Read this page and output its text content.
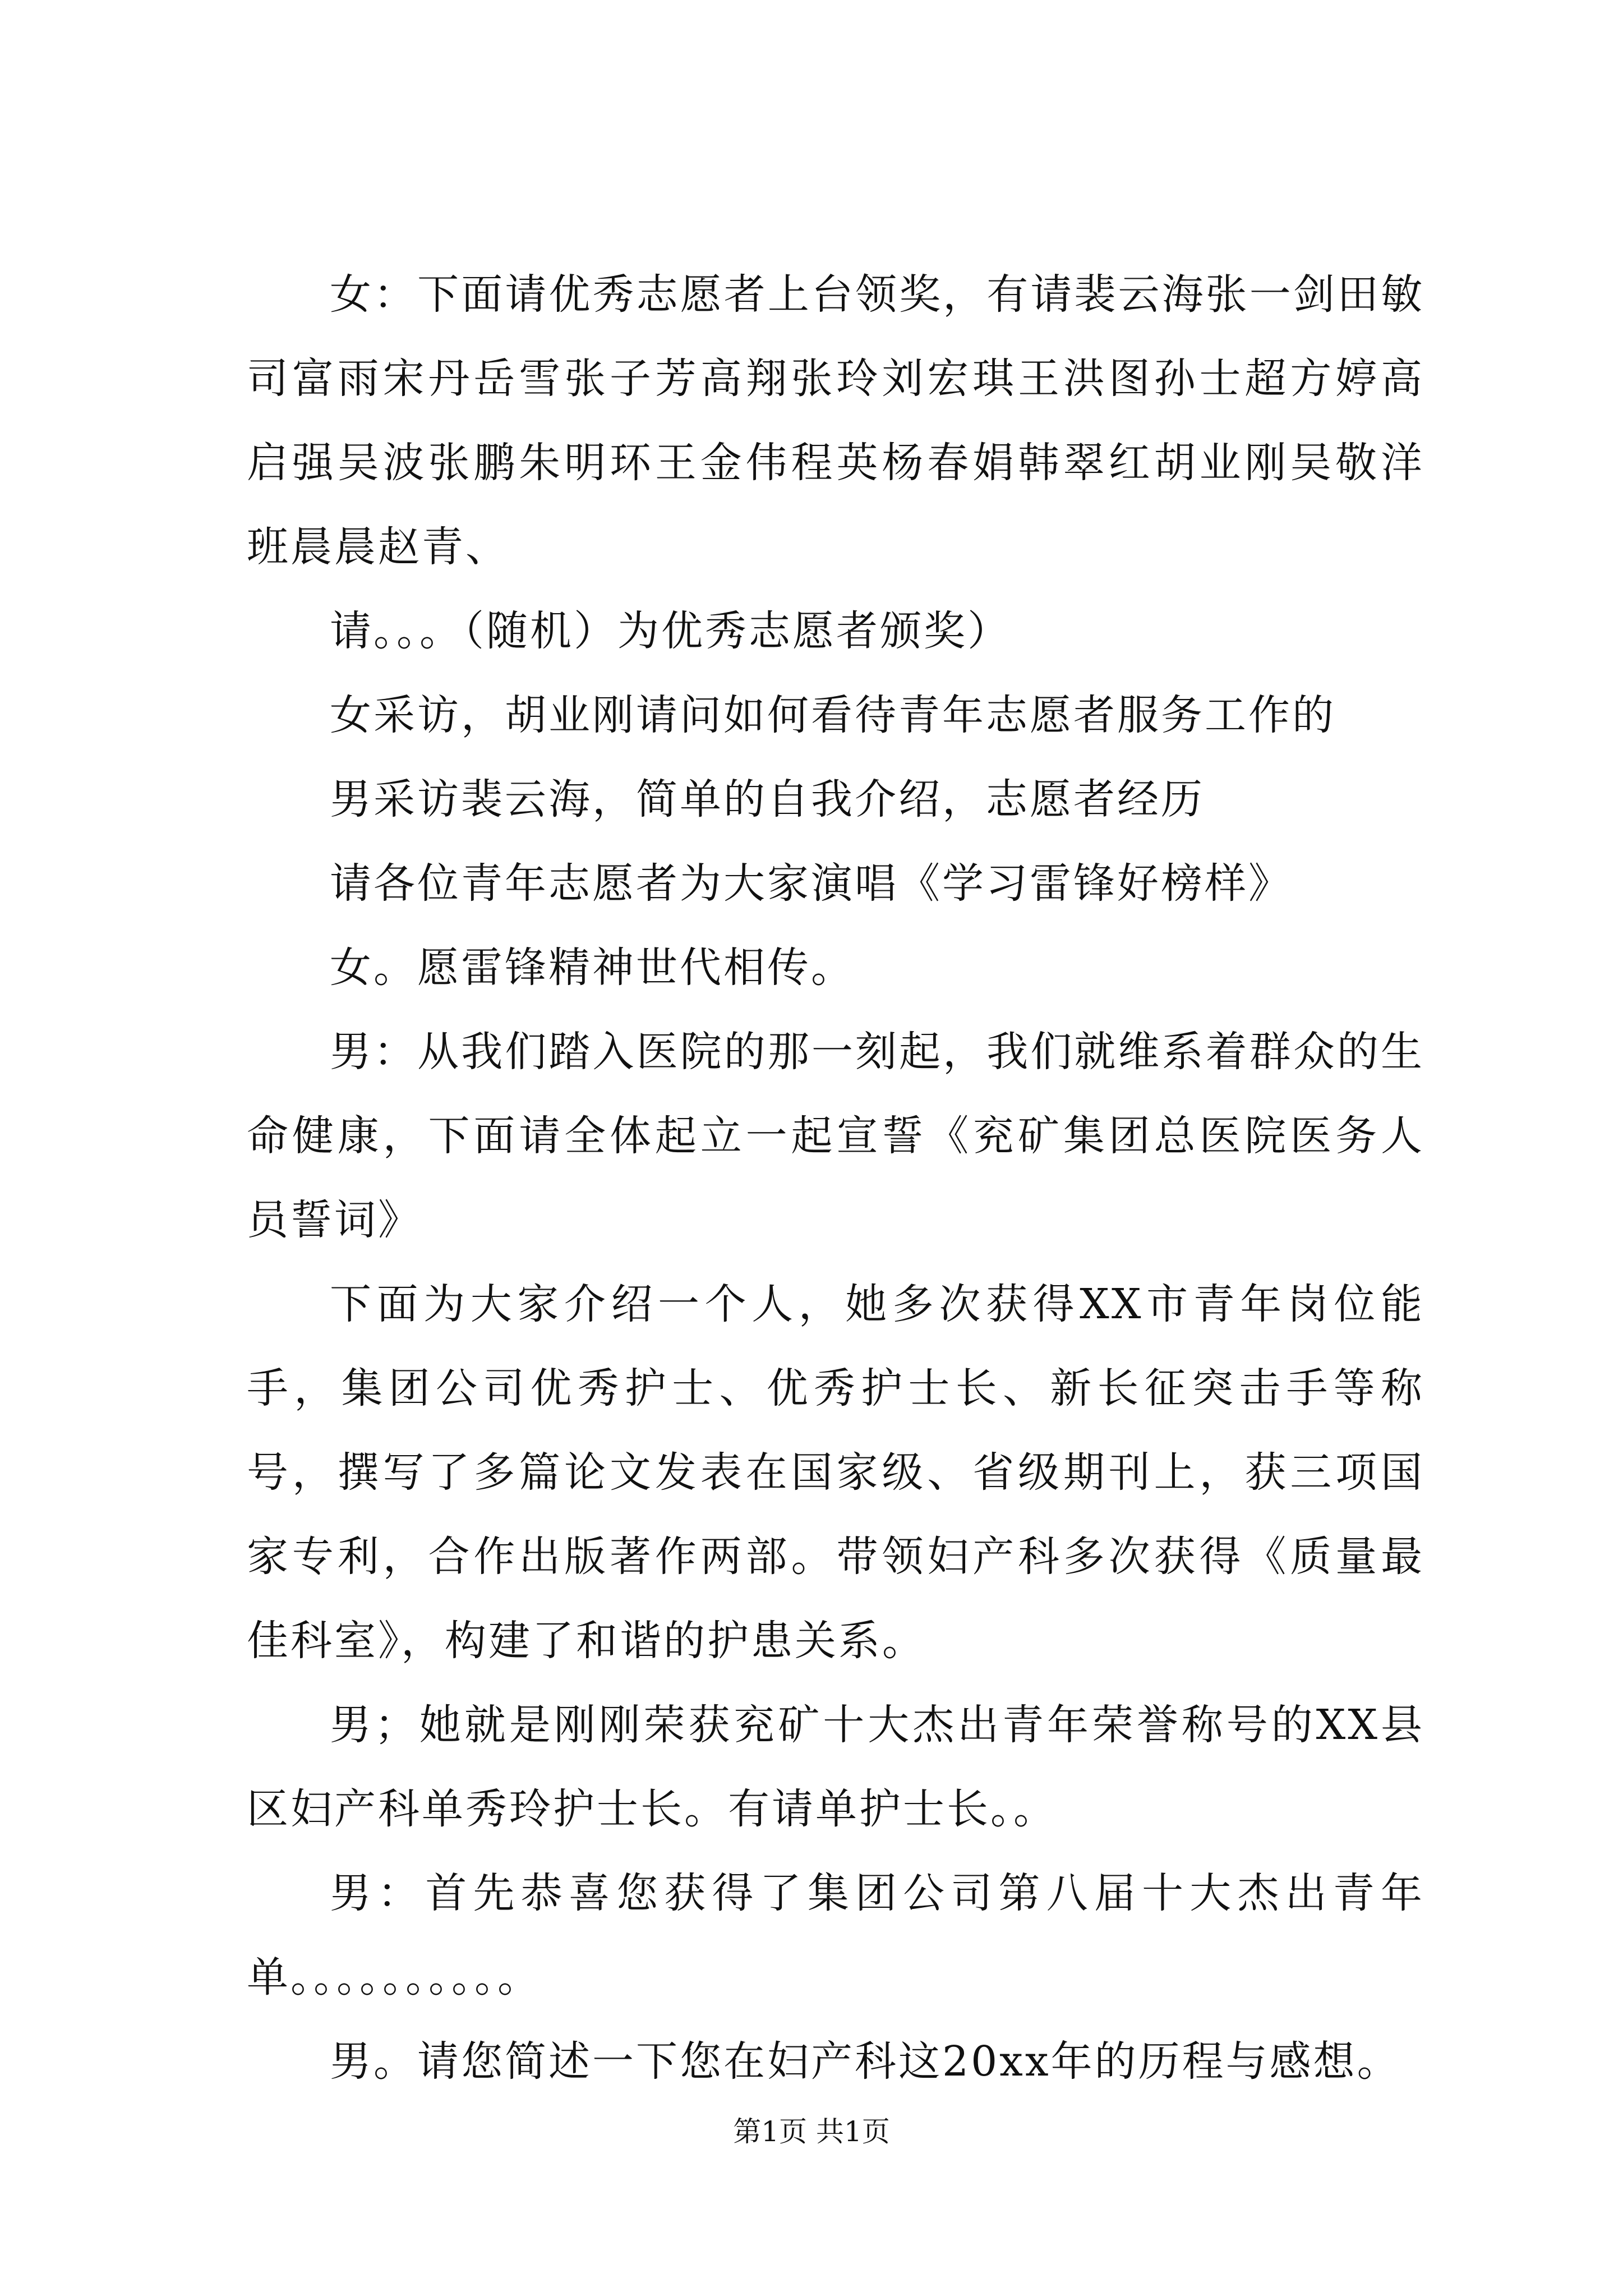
女：下面请优秀志愿者上台领奖，有请裴云海张一剑田敏司富雨宋丹岳雪张子芳高翔张玲刘宏琪王洪图孙士超方婷高启强吴波张鹏朱明环王金伟程英杨春娟韩翠红胡业刚吴敬洋班晨晨赵青、

请。。。（随机）为优秀志愿者颁奖）

女采访，胡业刚请问如何看待青年志愿者服务工作的

男采访裴云海，简单的自我介绍，志愿者经历

请各位青年志愿者为大家演唱《学习雷锋好榜样》

女。愿雷锋精神世代相传。

男：从我们踏入医院的那一刻起，我们就维系着群众的生命健康，下面请全体起立一起宣誓《兖矿集团总医院医务人员誓词》

下面为大家介绍一个人，她多次获得XX市青年岗位能手，集团公司优秀护士、优秀护士长、新长征突击手等称号，撰写了多篇论文发表在国家级、省级期刊上，获三项国家专利，合作出版著作两部。带领妇产科多次获得《质量最佳科室》，构建了和谐的护患关系。

男；她就是刚刚荣获兖矿十大杰出青年荣誉称号的XX县区妇产科单秀玲护士长。有请单护士长。。

男：首先恭喜您获得了集团公司第八届十大杰出青年单。。。。。。。。。。

男。请您简述一下您在妇产科这20xx年的历程与感想。

第1页 共1页
